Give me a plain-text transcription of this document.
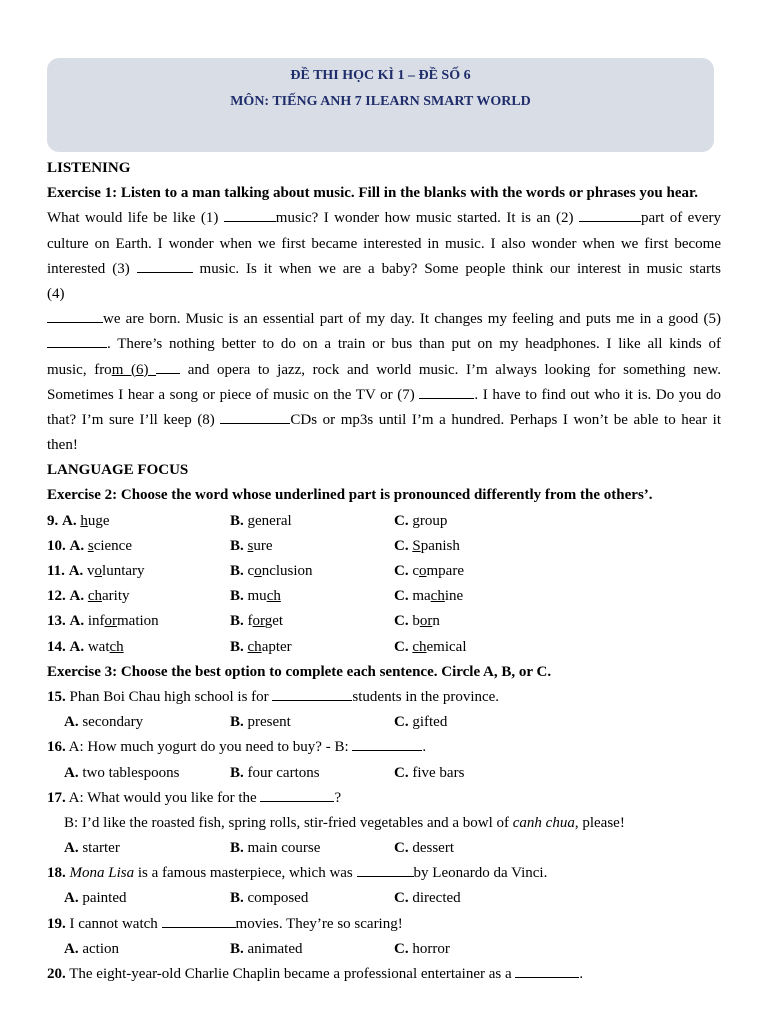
ĐỀ THI HỌC KÌ 1 – ĐỀ SỐ 6
MÔN: TIẾNG ANH 7 ILEARN SMART WORLD
LISTENING
Exercise 1: Listen to a man talking about music. Fill in the blanks with the words or phrases you hear.
What would life be like (1)	music? I wonder how music started. It is an (2)	part of every
culture on Earth. I wonder when we first became interested in music. I also wonder when we first become
interested (3)	music. Is it when we are a baby? Some people think our interest in music starts
(4)
we are born. Music is an essential part of my day. It changes my feeling and puts me in a good (5)
. There’s nothing better to do on a train or bus than put on my headphones. I like all kinds of
music, from (6)  and opera to jazz, rock and world music. I’m always looking for something new.
Sometimes I hear a song or piece of music on the TV or (7)	. I have to find out who it is. Do you do
that? I’m sure I’ll keep (8)	CDs or mp3s until I’m a hundred. Perhaps I won’t be able to hear it
then!
LANGUAGE FOCUS
Exercise 2: Choose the word whose underlined part is pronounced differently from the others’.
9. A. huge	B. general	C. group
10. A. science	B. sure	C. Spanish
11. A. voluntary	B. conclusion	C. compare
12. A. charity	B. much	C. machine
13. A. information	B. forget	C. born
14. A. watch	B. chapter	C. chemical
Exercise 3: Choose the best option to complete each sentence. Circle A, B, or C.
15. Phan Boi Chau high school is for	students in the province.
A. secondary	B. present	C. gifted
16. A: How much yogurt do you need to buy? - B:	.
A. two tablespoons	B. four cartons	C. five bars
17. A: What would you like for the	?
B: I’d like the roasted fish, spring rolls, stir-fried vegetables and a bowl of canh chua, please!
A. starter	B. main course	C. dessert
18. Mona Lisa is a famous masterpiece, which was	by Leonardo da Vinci.
A. painted	B. composed	C. directed
19. I cannot watch	movies. They’re so scaring!
A. action	B. animated	C. horror
20. The eight-year-old Charlie Chaplin became a professional entertainer as a	.
